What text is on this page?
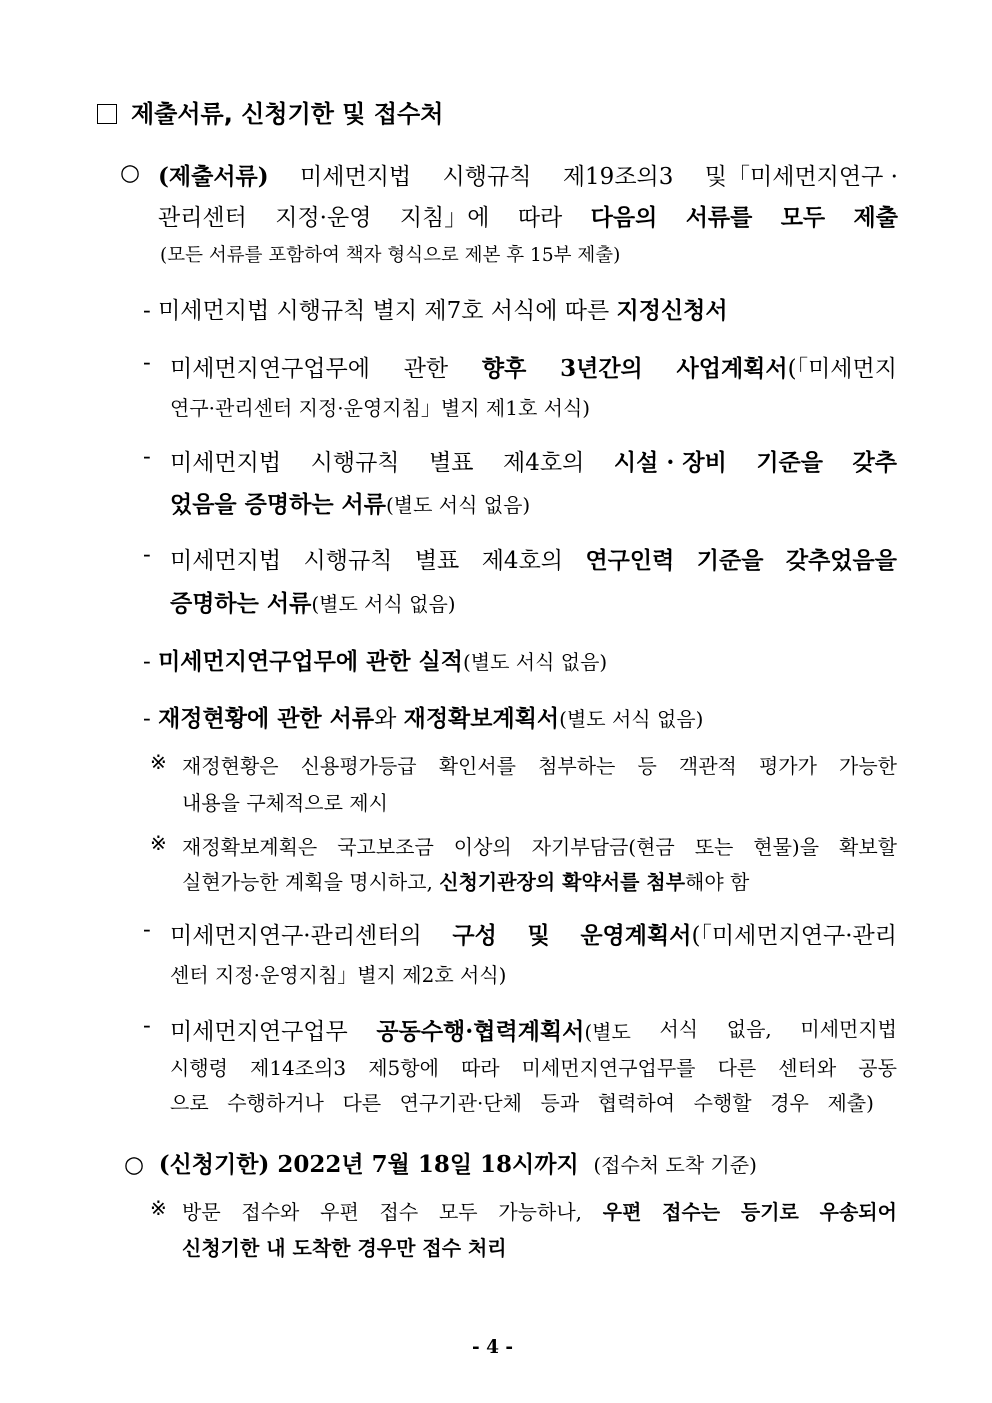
제출서류, 신청기한 및 접수처
○ (제출서류) 미세먼지법 시행규칙 제19조의3 및「미세먼지연구 ·
관리센터 지정·운영 지침」에 따라 다음의 서류를 모두 제출
(모든 서류를 포함하여 책자 형식으로 제본 후 15부 제출)
- 미세먼지법 시행규칙 별지 제7호 서식에 따른 지정신청서
- 미세먼지연구업무에 관한 향후 3년간의 사업계획서(「미세먼지
연구·관리센터 지정·운영지침」별지 제1호 서식)
- 미세먼지법 시행규칙 별표 제4호의 시설 · 장비 기준을 갖추
었음을 증명하는 서류(별도 서식 없음)
- 미세먼지법 시행규칙 별표 제4호의 연구인력 기준을 갖추었음을
증명하는 서류(별도 서식 없음)
- 미세먼지연구업무에 관한 실적(별도 서식 없음)
- 재정현황에 관한 서류와 재정확보계획서(별도 서식 없음)
※ 재정현황은 신용평가등급 확인서를 첨부하는 등 객관적 평가가 가능한
내용을 구체적으로 제시
※ 재정확보계획은 국고보조금 이상의 자기부담금(현금 또는 현물)을 확보할
실현가능한 계획을 명시하고, 신청기관장의 확약서를 첨부해야 함
- 미세먼지연구·관리센터의 구성 및 운영계획서(「미세먼지연구·관리
센터 지정·운영지침」별지 제2호 서식)
- 미세먼지연구업무 공동수행·협력계획서(별도 서식 없음, 미세먼지법
시행령 제14조의3 제5항에 따라 미세먼지연구업무를 다른 센터와 공동
으로 수행하거나 다른 연구기관·단체 등과 협력하여 수행할 경우 제출)
○ (신청기한) 2022년 7월 18일 18시까지 (접수처 도착 기준)
※ 방문 접수와 우편 접수 모두 가능하나, 우편 접수는 등기로 우송되어
신청기한 내 도착한 경우만 접수 처리
- 4 -
